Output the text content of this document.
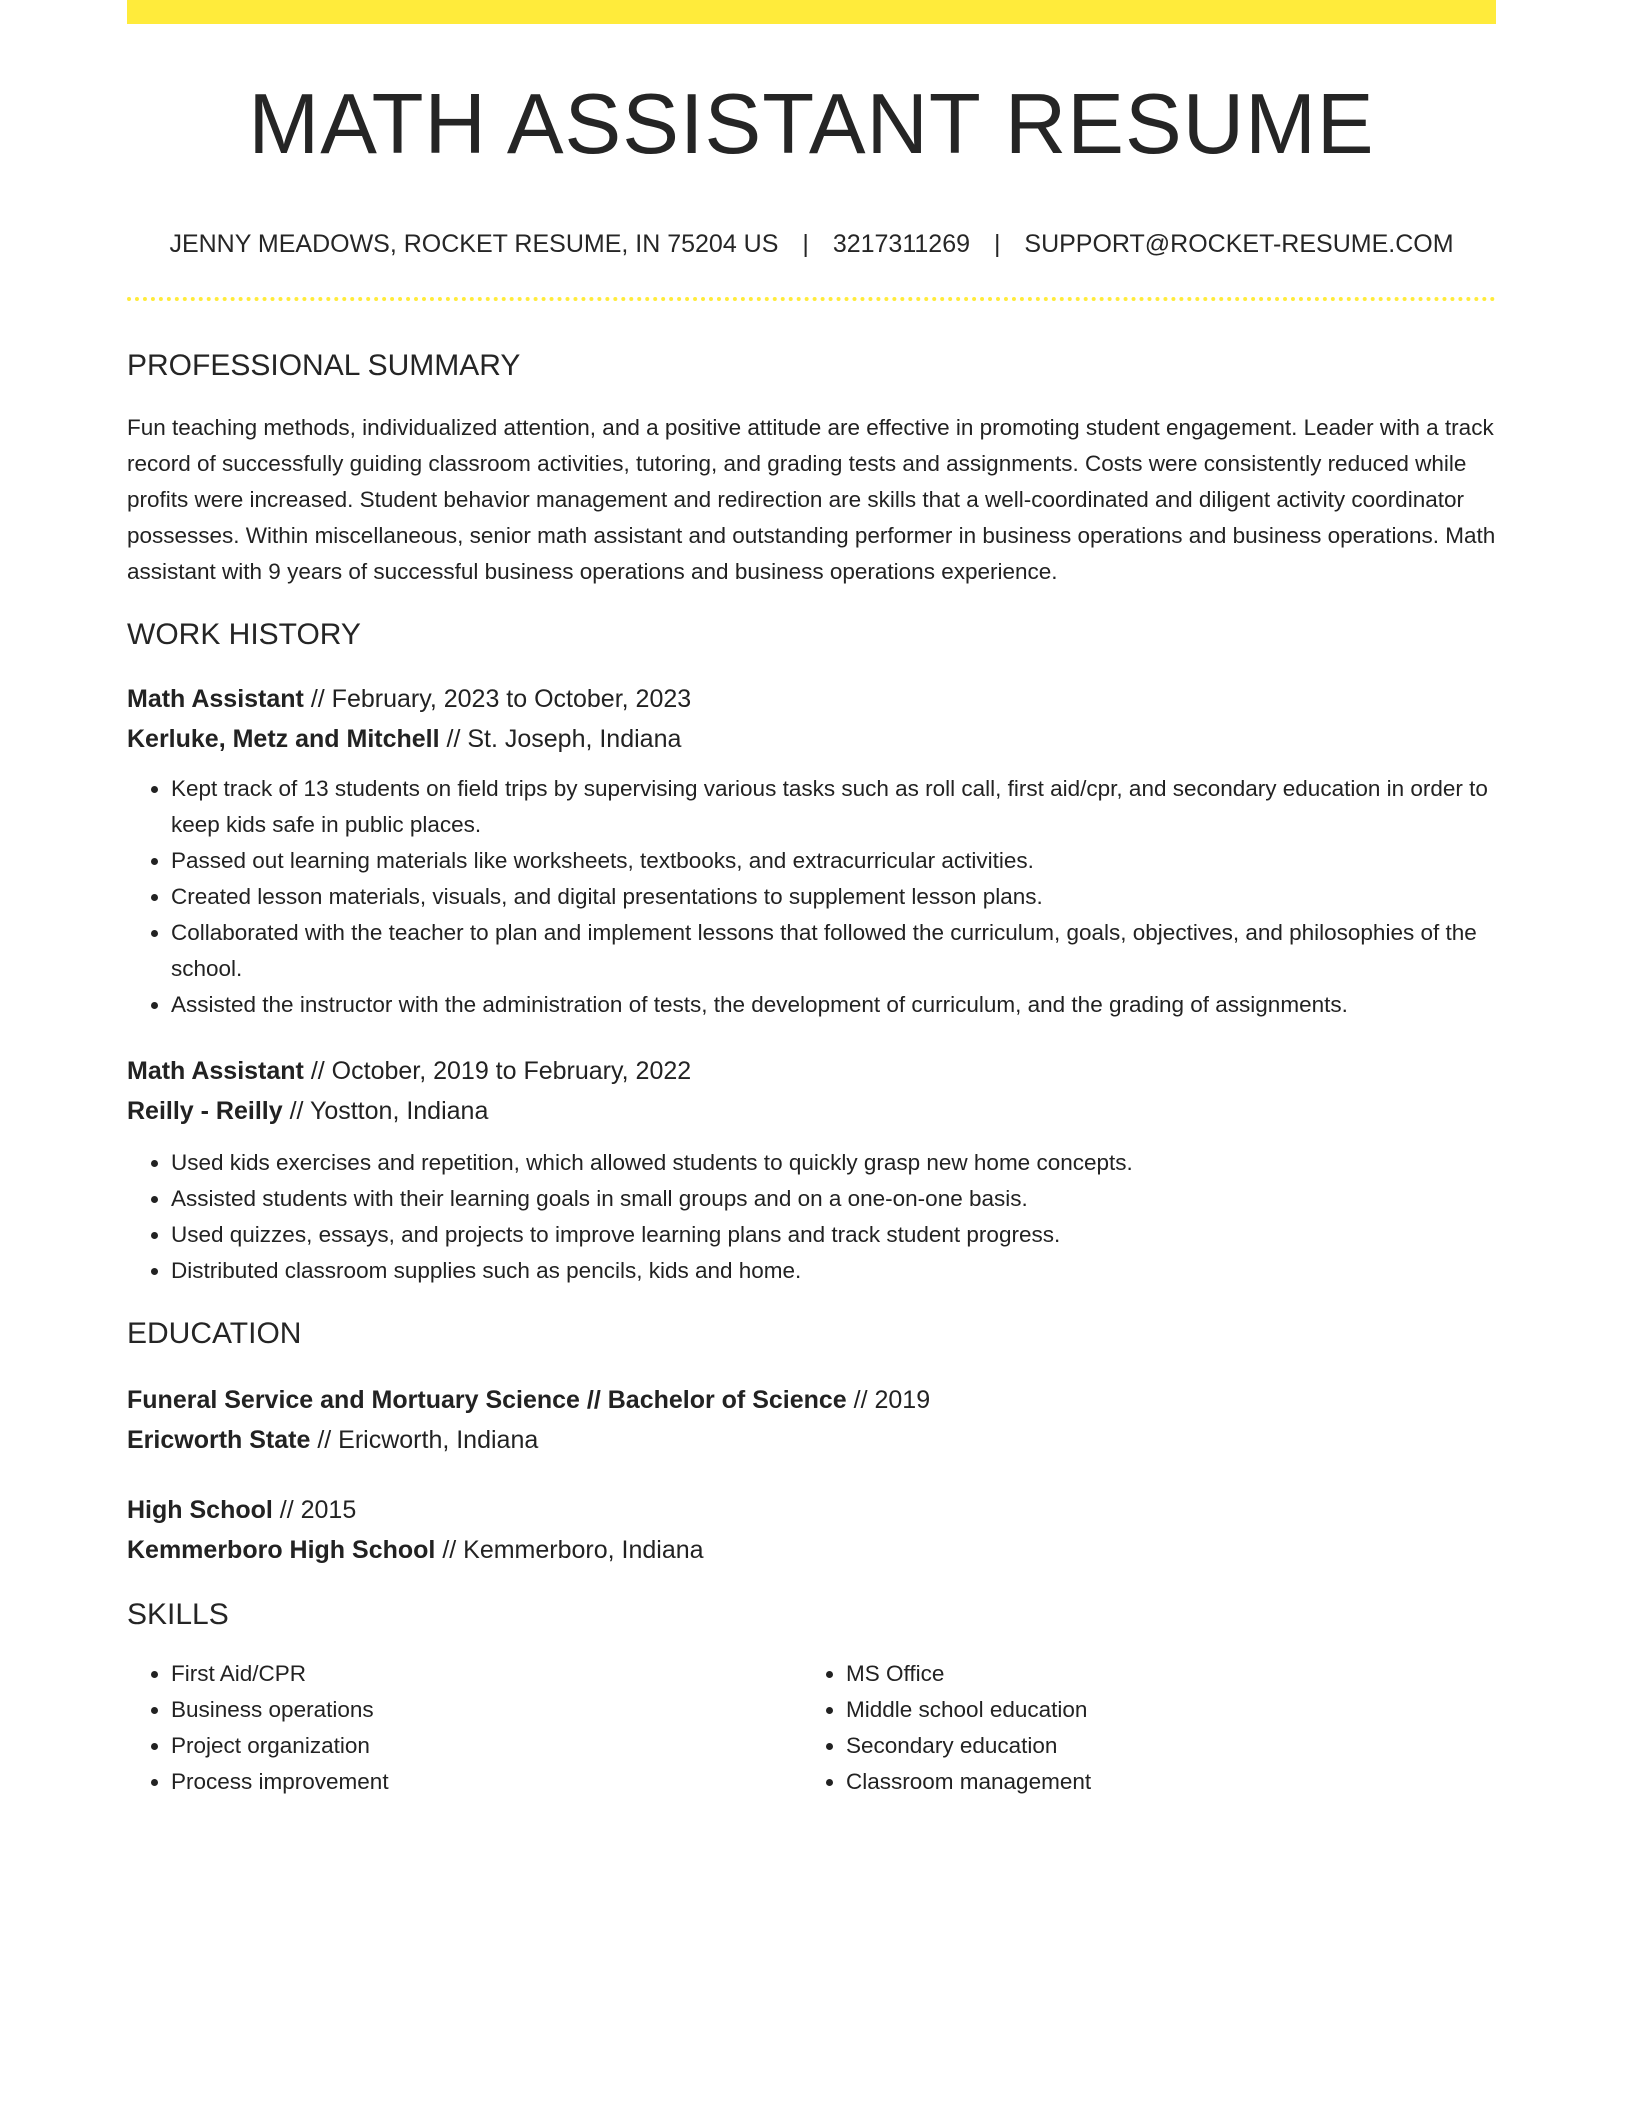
MATH ASSISTANT RESUME
JENNY MEADOWS, ROCKET RESUME, IN 75204 US | 3217311269 | SUPPORT@ROCKET-RESUME.COM
PROFESSIONAL SUMMARY
Fun teaching methods, individualized attention, and a positive attitude are effective in promoting student engagement. Leader with a track record of successfully guiding classroom activities, tutoring, and grading tests and assignments. Costs were consistently reduced while profits were increased. Student behavior management and redirection are skills that a well-coordinated and diligent activity coordinator possesses. Within miscellaneous, senior math assistant and outstanding performer in business operations and business operations. Math assistant with 9 years of successful business operations and business operations experience.
WORK HISTORY
Math Assistant // February, 2023 to October, 2023
Kerluke, Metz and Mitchell // St. Joseph, Indiana
• Kept track of 13 students on field trips by supervising various tasks such as roll call, first aid/cpr, and secondary education in order to keep kids safe in public places.
• Passed out learning materials like worksheets, textbooks, and extracurricular activities.
• Created lesson materials, visuals, and digital presentations to supplement lesson plans.
• Collaborated with the teacher to plan and implement lessons that followed the curriculum, goals, objectives, and philosophies of the school.
• Assisted the instructor with the administration of tests, the development of curriculum, and the grading of assignments.
Math Assistant // October, 2019 to February, 2022
Reilly - Reilly // Yostton, Indiana
• Used kids exercises and repetition, which allowed students to quickly grasp new home concepts.
• Assisted students with their learning goals in small groups and on a one-on-one basis.
• Used quizzes, essays, and projects to improve learning plans and track student progress.
• Distributed classroom supplies such as pencils, kids and home.
EDUCATION
Funeral Service and Mortuary Science // Bachelor of Science // 2019
Ericworth State // Ericworth, Indiana
High School // 2015
Kemmerboro High School // Kemmerboro, Indiana
SKILLS
• First Aid/CPR
• Business operations
• Project organization
• Process improvement
• MS Office
• Middle school education
• Secondary education
• Classroom management
